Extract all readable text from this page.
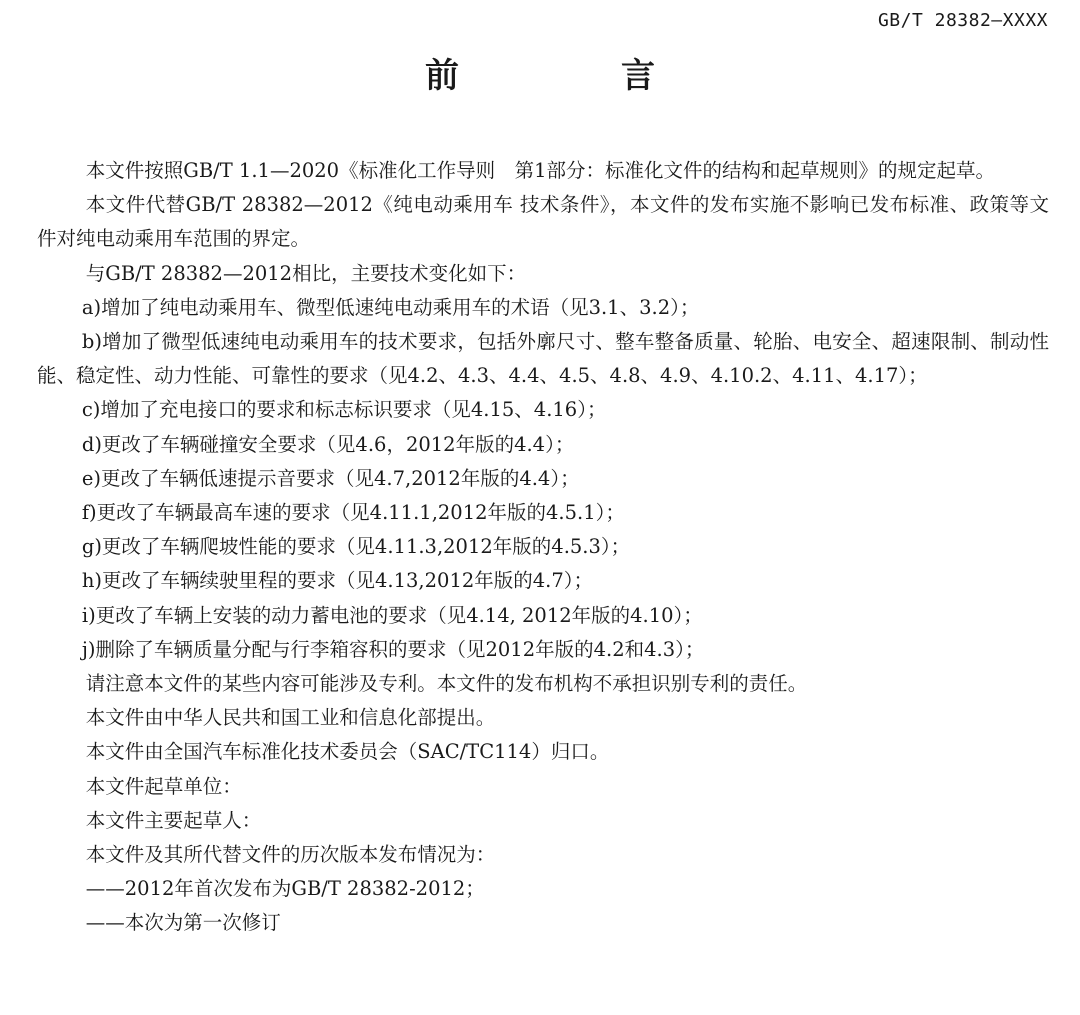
GB/T 28382—XXXX
前　言

本文件按照GB/T 1.1—2020《标准化工作导则　第1部分：标准化文件的结构和起草规则》的规定起草。

本文件代替GB/T 28382—2012《纯电动乘用车 技术条件》，本文件的发布实施不影响已发布标准、政策等文件对纯电动乘用车范围的界定。

与GB/T 28382—2012相比，主要技术变化如下：

a)增加了纯电动乘用车、微型低速纯电动乘用车的术语（见3.1、3.2）；

b)增加了微型低速纯电动乘用车的技术要求，包括外廓尺寸、整车整备质量、轮胎、电安全、超速限制、制动性能、稳定性、动力性能、可靠性的要求（见4.2、4.3、4.4、4.5、4.8、4.9、4.10.2、4.11、4.17）；

c)增加了充电接口的要求和标志标识要求（见4.15、4.16）；

d)更改了车辆碰撞安全要求（见4.6，2012年版的4.4）；

e)更改了车辆低速提示音要求（见4.7,2012年版的4.4）；

f)更改了车辆最高车速的要求（见4.11.1,2012年版的4.5.1）；

g)更改了车辆爬坡性能的要求（见4.11.3,2012年版的4.5.3）；

h)更改了车辆续驶里程的要求（见4.13,2012年版的4.7）；

i)更改了车辆上安装的动力蓄电池的要求（见4.14, 2012年版的4.10）；

j)删除了车辆质量分配与行李箱容积的要求（见2012年版的4.2和4.3）；

请注意本文件的某些内容可能涉及专利。本文件的发布机构不承担识别专利的责任。

本文件由中华人民共和国工业和信息化部提出。

本文件由全国汽车标准化技术委员会（SAC/TC114）归口。

本文件起草单位：

本文件主要起草人：

本文件及其所代替文件的历次版本发布情况为：

——2012年首次发布为GB/T 28382-2012；

——本次为第一次修订
